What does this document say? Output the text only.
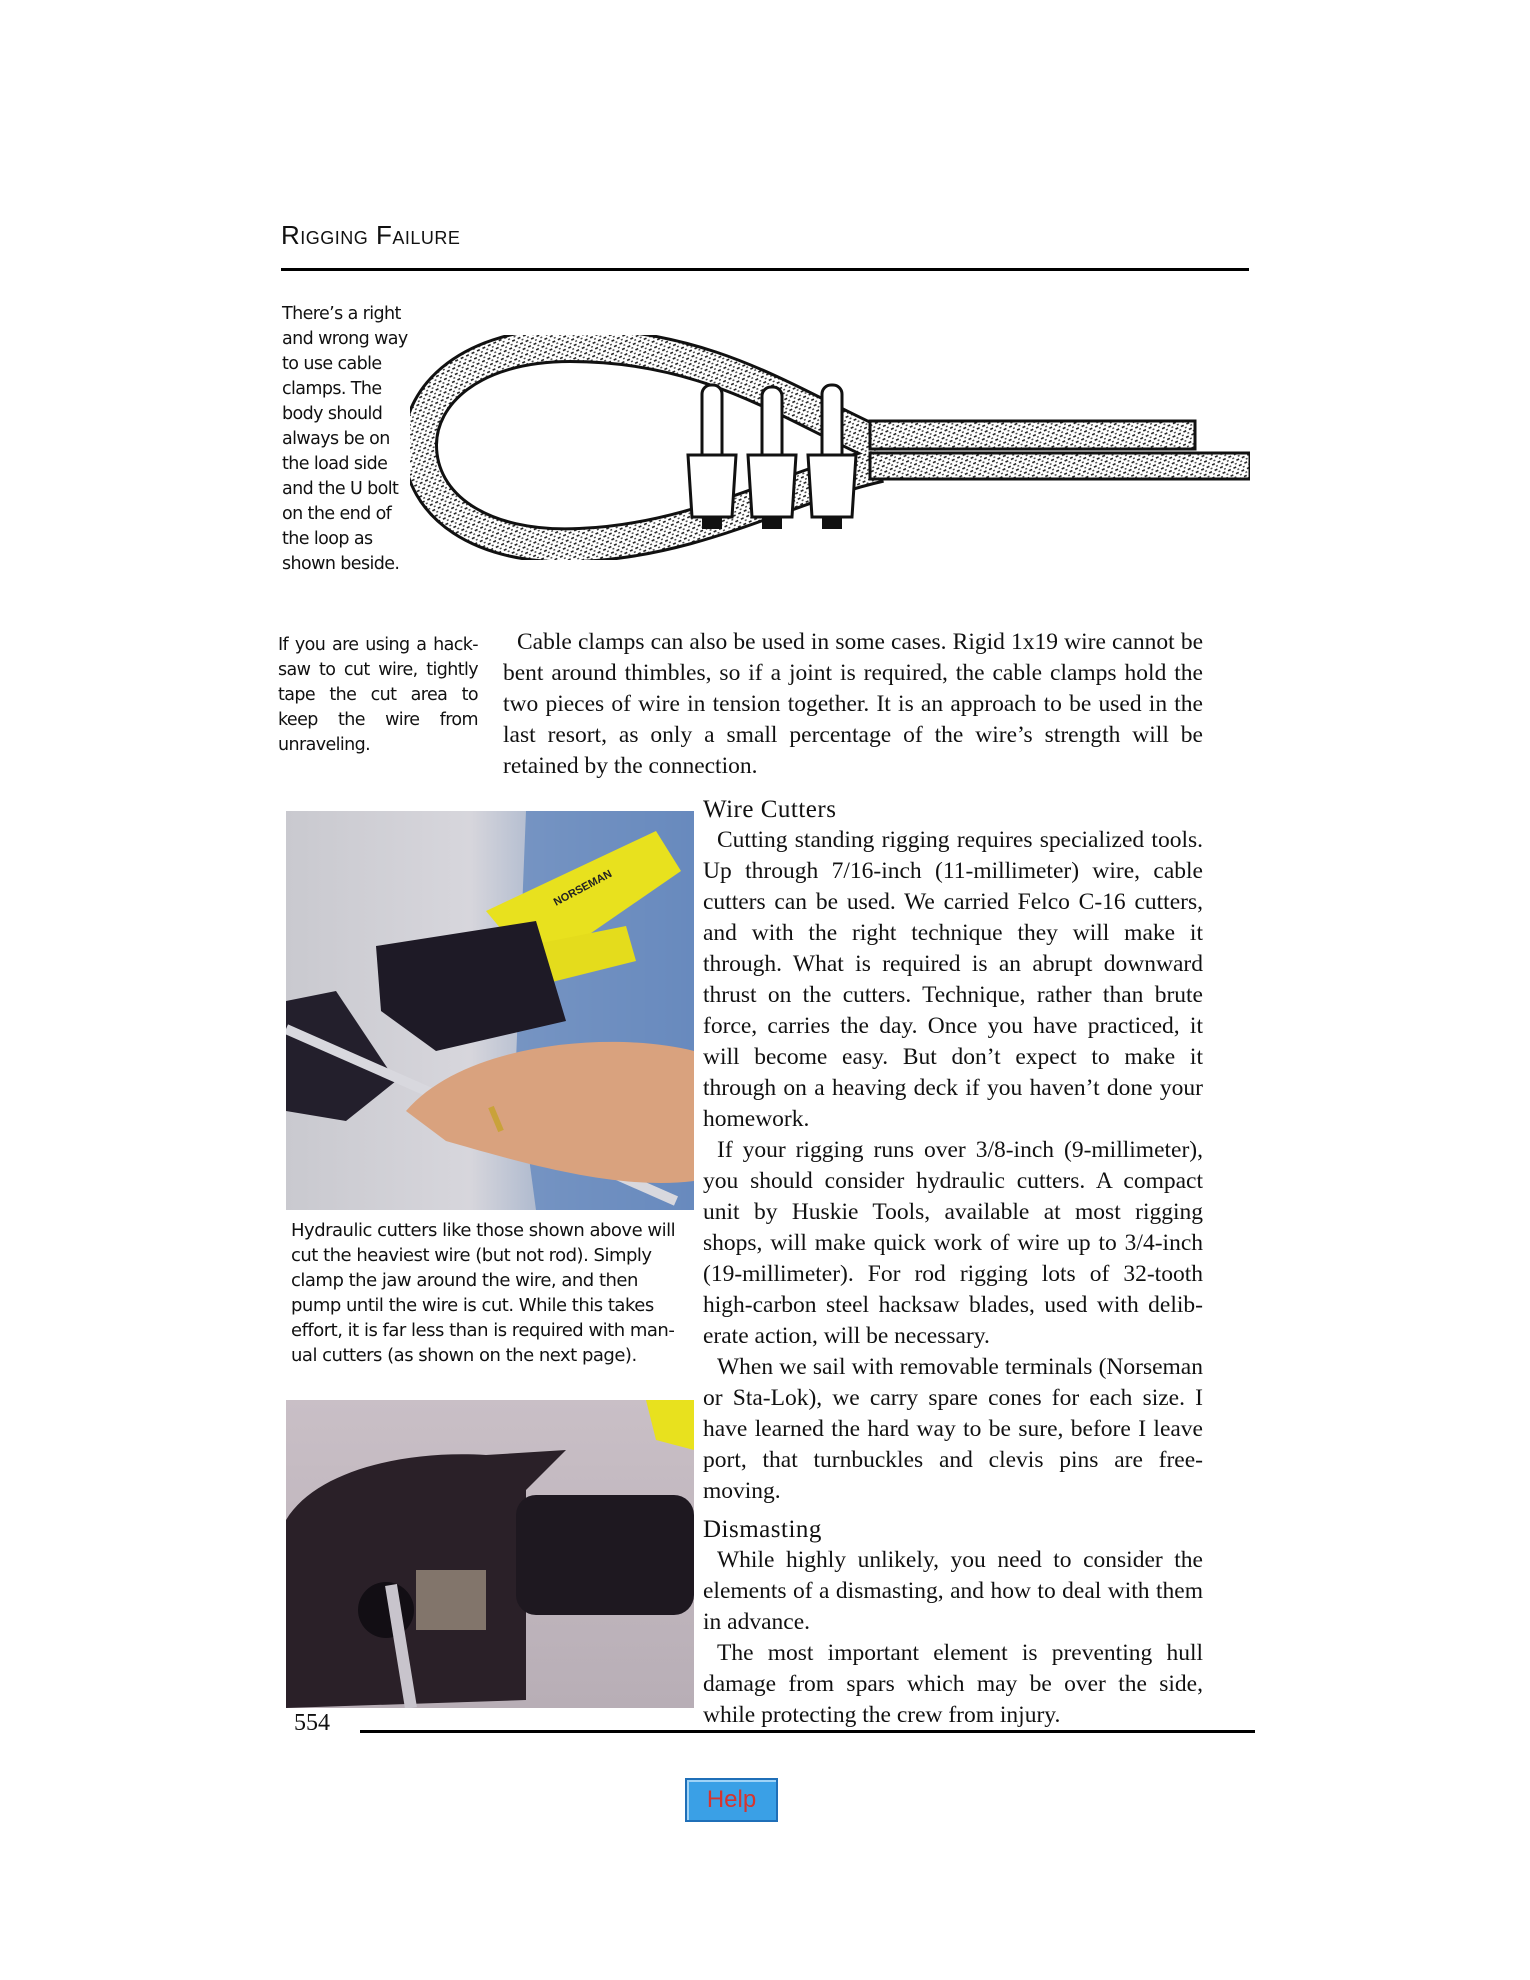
Rigging Failure
There’s a right and wrong way to use cable clamps. The body should always be on the load side and the U bolt on the end of the loop as shown beside.
If you are using a hack-saw to cut wire, tightly tape the cut area to keep the wire from unraveling.

Cable clamps can also be used in some cases. Rigid 1x19 wire cannot be bent around thimbles, so if a joint is required, the cable clamps hold the two pieces of wire in tension together. It is an approach to be used in the last resort, as only a small percentage of the wire’s strength will be retained by the connection.

NORSEMAN
Hydraulic cutters like those shown above will cut the heaviest wire (but not rod). Simply clamp the jaw around the wire, and then pump until the wire is cut. While this takes effort, it is far less than is required with man-ual cutters (as shown on the next page).
Wire Cutters

Cutting standing rigging requires specialized tools. Up through 7/16-inch (11-millimeter) wire, cable cutters can be used. We carried Felco C-16 cutters, and with the right technique they will make it through. What is required is an abrupt downward thrust on the cutters. Technique, rather than brute force, carries the day. Once you have practiced, it will become easy. But don’t expect to make it through on a heaving deck if you haven’t done your homework.

If your rigging runs over 3/8-inch (9-millimeter), you should consider hydraulic cutters. A compact unit by Huskie Tools, available at most rigging shops, will make quick work of wire up to 3/4-inch (19-millimeter). For rod rigging lots of 32-tooth high-carbon steel hacksaw blades, used with delib-erate action, will be necessary.

When we sail with removable terminals (Norseman or Sta-Lok), we carry spare cones for each size. I have learned the hard way to be sure, before I leave port, that turnbuckles and clevis pins are free-moving.

Dismasting

While highly unlikely, you need to consider the elements of a dismasting, and how to deal with them in advance.

The most important element is preventing hull damage from spars which may be over the side, while protecting the crew from injury.

554
Help
